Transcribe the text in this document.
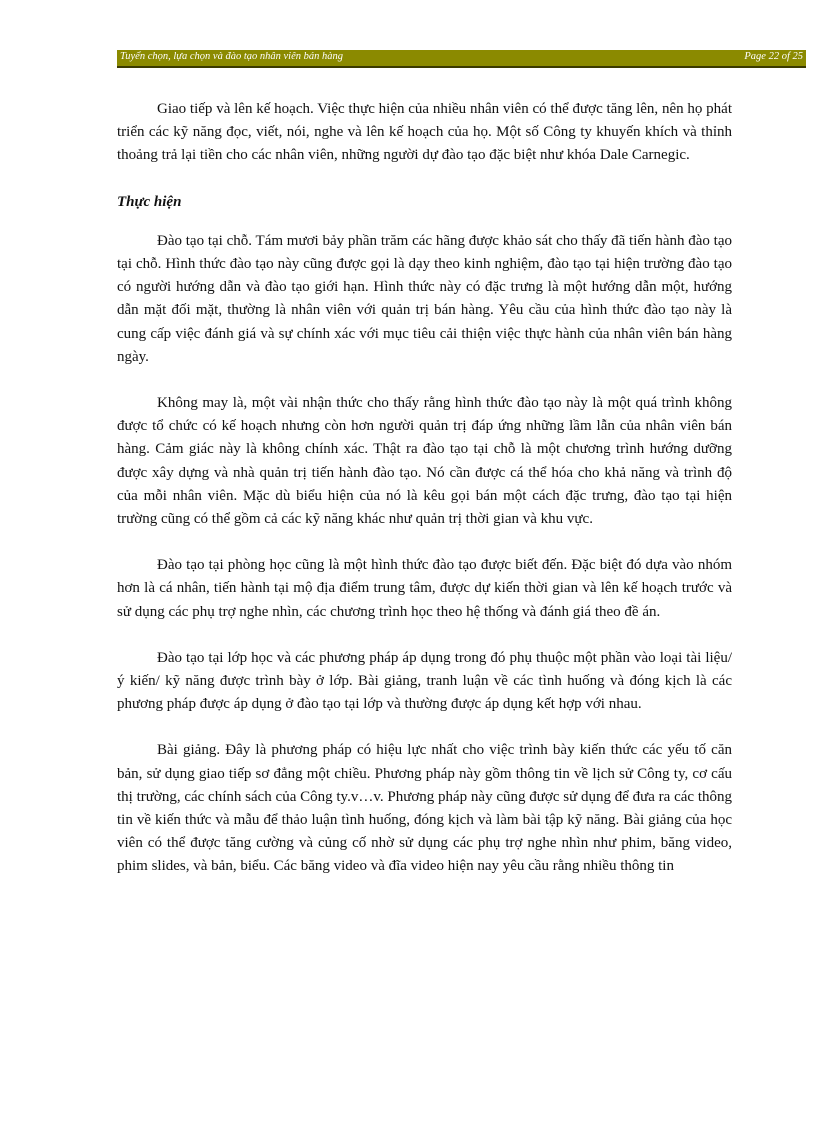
Tuyển chọn, lựa chọn và đào tạo nhân viên bán hàng	Page 22 of 25

Giao tiếp và lên kế hoạch. Việc thực hiện của nhiều nhân viên có thể được tăng lên, nên họ phát triển các kỹ năng đọc, viết, nói, nghe và lên kế hoạch của họ. Một số Công ty khuyến khích và thỉnh thoảng trả lại tiền cho các nhân viên, những người dự đào tạo đặc biệt như khóa Dale Carnegic.

Thực hiện

Đào tạo tại chỗ. Tám mươi bảy phần trăm các hãng được khảo sát cho thấy đã tiến hành đào tạo tại chỗ. Hình thức đào tạo này cũng được gọi là dạy theo kinh nghiệm, đào tạo tại hiện trường đào tạo có người hướng dẫn và đào tạo giới hạn. Hình thức này có đặc trưng là một hướng dẫn một, hướng dẫn mặt đối mặt, thường là nhân viên với quản trị bán hàng. Yêu cầu của hình thức đào tạo này là cung cấp việc đánh giá và sự chính xác với mục tiêu cải thiện việc thực hành của nhân viên bán hàng ngày.

Không may là, một vài nhận thức cho thấy rằng hình thức đào tạo này là một quá trình không được tổ chức có kế hoạch nhưng còn hơn người quản trị đáp ứng những lầm lẫn của nhân viên bán hàng. Cảm giác này là không chính xác. Thật ra đào tạo tại chỗ là một chương trình hướng dưỡng được xây dựng và nhà quản trị tiến hành đào tạo. Nó cần được cá thể hóa cho khả năng và trình độ của mỗi nhân viên. Mặc dù biểu hiện của nó là kêu gọi bán một cách đặc trưng, đào tạo tại hiện trường cũng có thể gồm cả các kỹ năng khác như quản trị thời gian và khu vực.

Đào tạo tại phòng học cũng là một hình thức đào tạo được biết đến. Đặc biệt đó dựa vào nhóm hơn là cá nhân, tiến hành tại mộ địa điểm trung tâm, được dự kiến thời gian và lên kế hoạch trước và sử dụng các phụ trợ nghe nhìn, các chương trình học theo hệ thống và đánh giá theo đề án.

Đào tạo tại lớp học và các phương pháp áp dụng trong đó phụ thuộc một phần vào loại tài liệu/ ý kiến/ kỹ năng được trình bày ở lớp. Bài giảng, tranh luận về các tình huống và đóng kịch là các phương pháp được áp dụng ở đào tạo tại lớp và thường được áp dụng kết hợp với nhau.

Bài giảng. Đây là phương pháp có hiệu lực nhất cho việc trình bày kiến thức các yếu tố căn bản, sử dụng giao tiếp sơ đẳng một chiều. Phương pháp này gồm thông tin về lịch sử Công ty, cơ cấu thị trường, các chính sách của Công ty.v…v. Phương pháp này cũng được sử dụng để đưa ra các thông tin về kiến thức và mẫu để thảo luận tình huống, đóng kịch và làm bài tập kỹ năng. Bài giảng của học viên có thể được tăng cường và củng cố nhờ sử dụng các phụ trợ nghe nhìn như phim, băng video, phim slides, và bản, biểu. Các băng video và đĩa video hiện nay yêu cầu rằng nhiều thông tin
